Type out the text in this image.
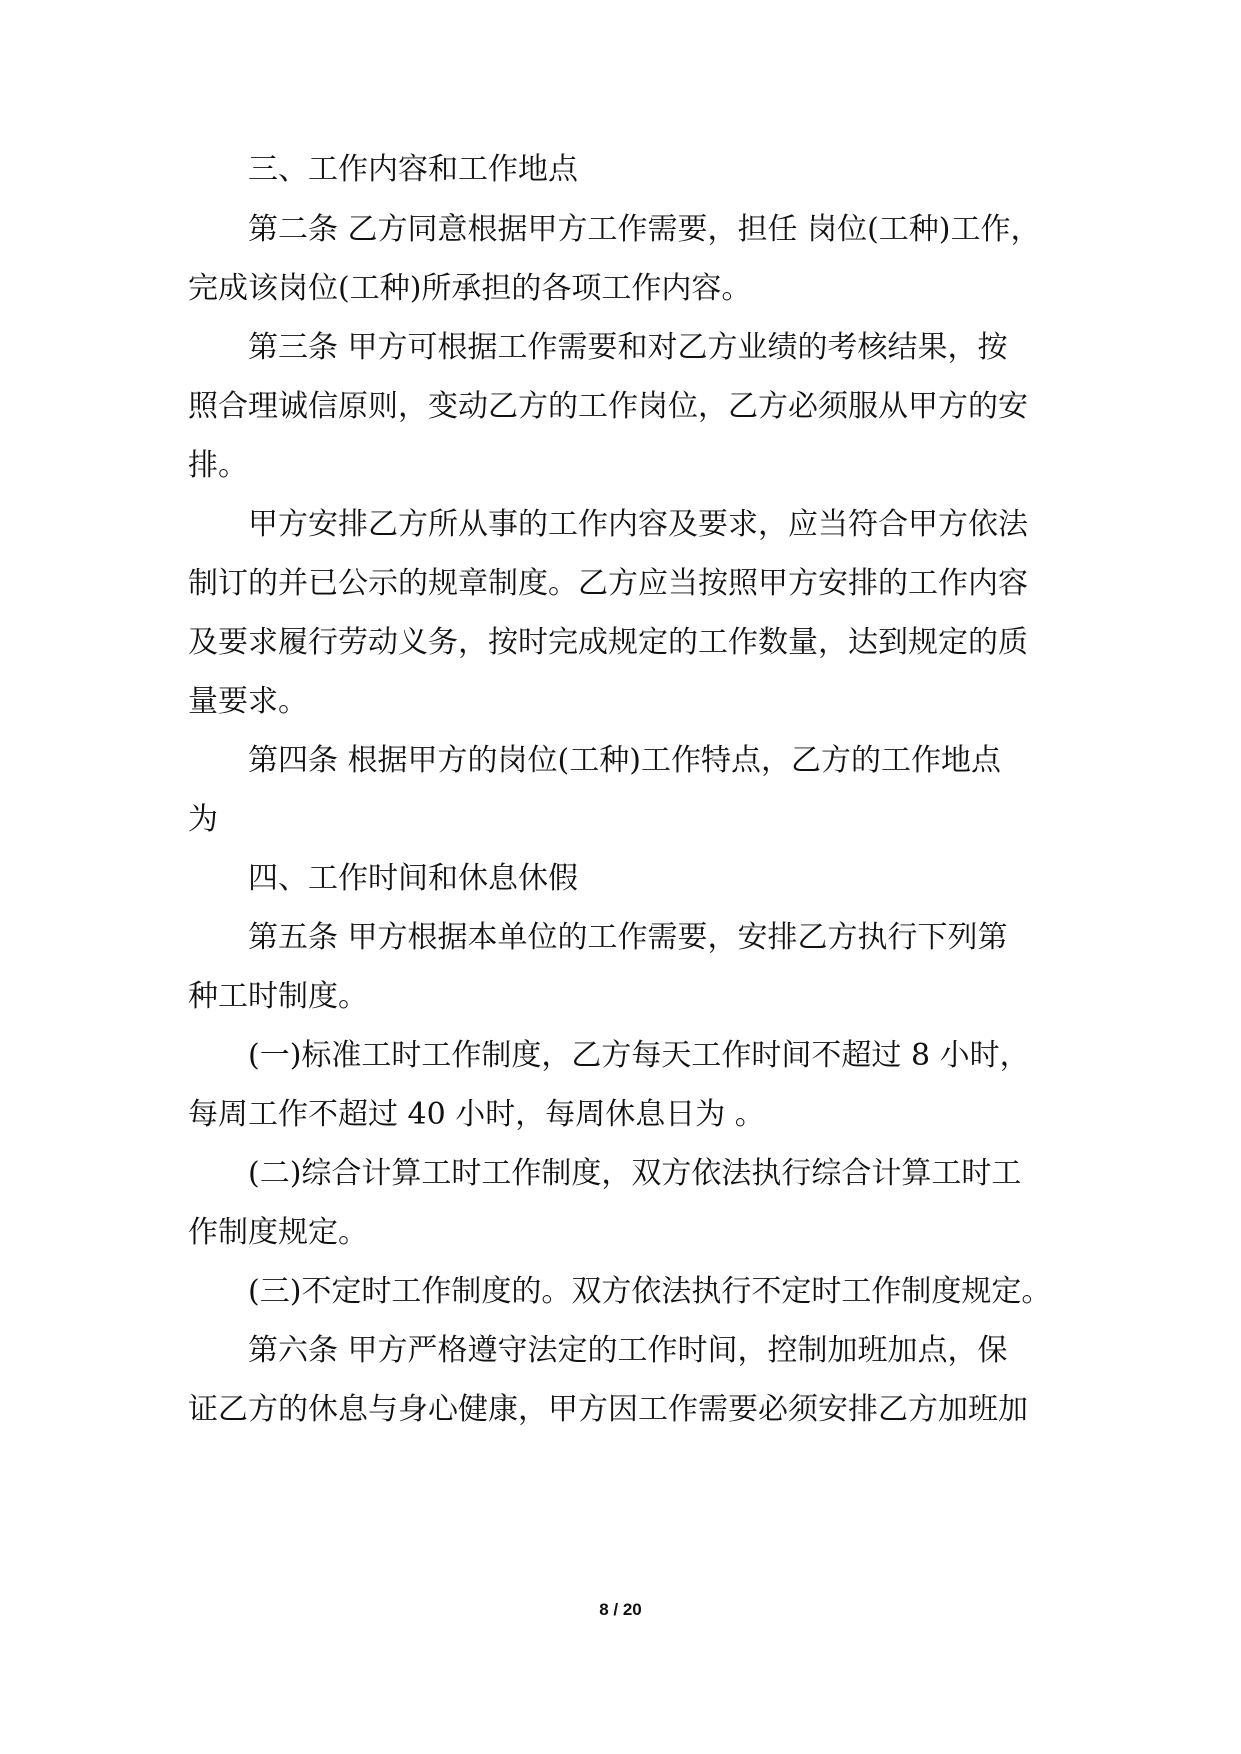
三、工作内容和工作地点
第二条 乙方同意根据甲方工作需要，担任 岗位(工种)工作，
完成该岗位(工种)所承担的各项工作内容。
第三条 甲方可根据工作需要和对乙方业绩的考核结果，按
照合理诚信原则，变动乙方的工作岗位，乙方必须服从甲方的安
排。
甲方安排乙方所从事的工作内容及要求，应当符合甲方依法
制订的并已公示的规章制度。乙方应当按照甲方安排的工作内容
及要求履行劳动义务，按时完成规定的工作数量，达到规定的质
量要求。
第四条 根据甲方的岗位(工种)工作特点，乙方的工作地点
为
四、工作时间和休息休假
第五条 甲方根据本单位的工作需要，安排乙方执行下列第
种工时制度。
(一)标准工时工作制度，乙方每天工作时间不超过 8 小时，
每周工作不超过 40 小时，每周休息日为 。
(二)综合计算工时工作制度，双方依法执行综合计算工时工
作制度规定。
(三)不定时工作制度的。双方依法执行不定时工作制度规定。
第六条 甲方严格遵守法定的工作时间，控制加班加点，保
证乙方的休息与身心健康，甲方因工作需要必须安排乙方加班加
8 / 20
